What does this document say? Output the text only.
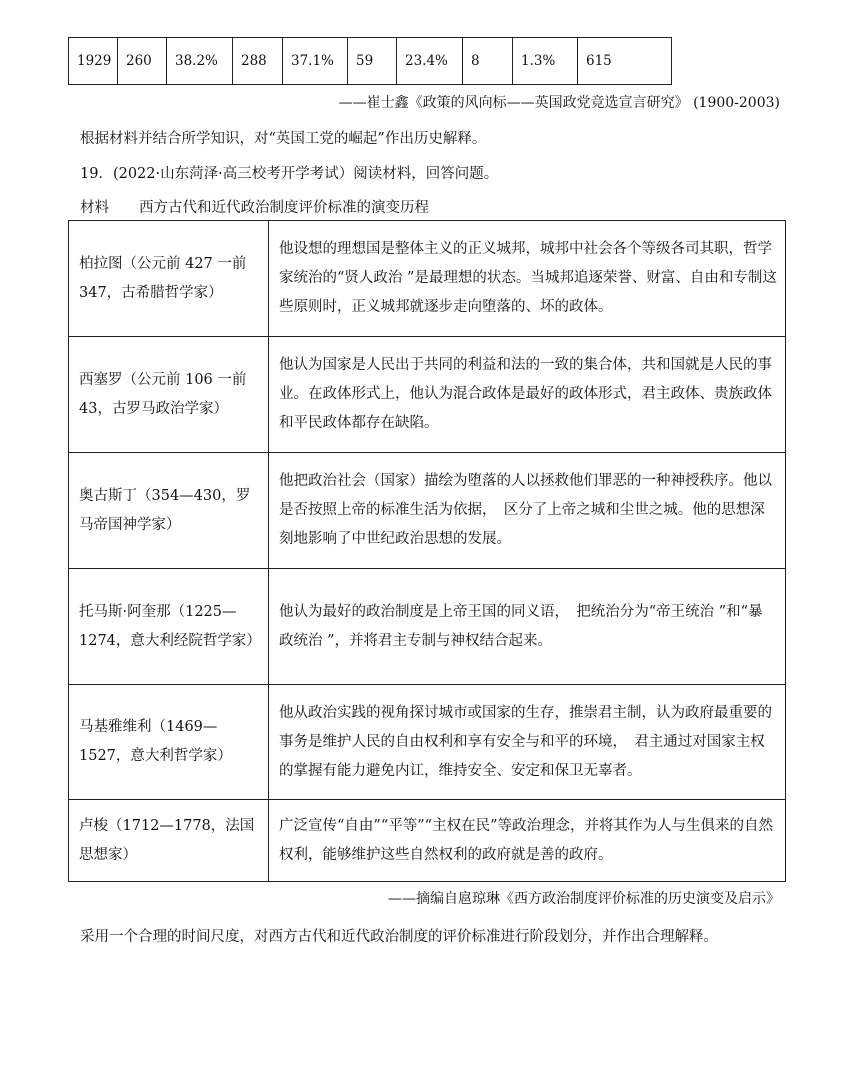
1929	260	38.2%	288	37.1%	59	23.4%	8	1.3%	615
——崔士鑫《政策的风向标——英国政党竞选宣言研究》 (1900-2003)
根据材料并结合所学知识，对“英国工党的崛起”作出历史解释。
19．(2022·山东菏泽·高三校考开学考试）阅读材料，回答问题。
材料 西方古代和近代政治制度评价标准的演变历程
柏拉图（公元前 427 一前 347，古希腊哲学家）	他设想的理想国是整体主义的正义城邦，城邦中社会各个等级各司其职，哲学　　家统治的“贤人政治 ”是最理想的状态。当城邦追逐荣誉、财富、自由和专制这些原则时，正义城邦就逐步走向堕落的、坏的政体。
西塞罗（公元前 106 一前 43，古罗马政治学家）	他认为国家是人民出于共同的利益和法的一致的集合体，共和国就是人民的事　　业。在政体形式上，他认为混合政体是最好的政体形式，君主政体、贵族政体和平民政体都存在缺陷。
奥古斯丁（354—430，罗马帝国神学家）	他把政治社会（国家）描绘为堕落的人以拯救他们罪恶的一种神授秩序。他以　　是否按照上帝的标准生活为依据，　区分了上帝之城和尘世之城。他的思想深刻地影响了中世纪政治思想的发展。
托马斯·阿奎那（1225—1274，意大利经院哲学家）	他认为最好的政治制度是上帝王国的同义语，　把统治分为“帝王统治 ”和“暴政统治 ”，并将君主专制与神权结合起来。
马基雅维利（1469—1527，意大利哲学家）	他从政治实践的视角探讨城市或国家的生存，推崇君主制，认为政府最重要的　　事务是维护人民的自由权利和享有安全与和平的环境，　君主通过对国家主权的掌握有能力避免内讧，维持安全、安定和保卫无辜者。
卢梭（1712—1778，法国思想家）	广泛宣传“自由”“平等”“主权在民”等政治理念，并将其作为人与生俱来的自然权利，能够维护这些自然权利的政府就是善的政府。
——摘编自扈琼琳《西方政治制度评价标准的历史演变及启示》
采用一个合理的时间尺度，对西方古代和近代政治制度的评价标准进行阶段划分，并作出合理解释。
